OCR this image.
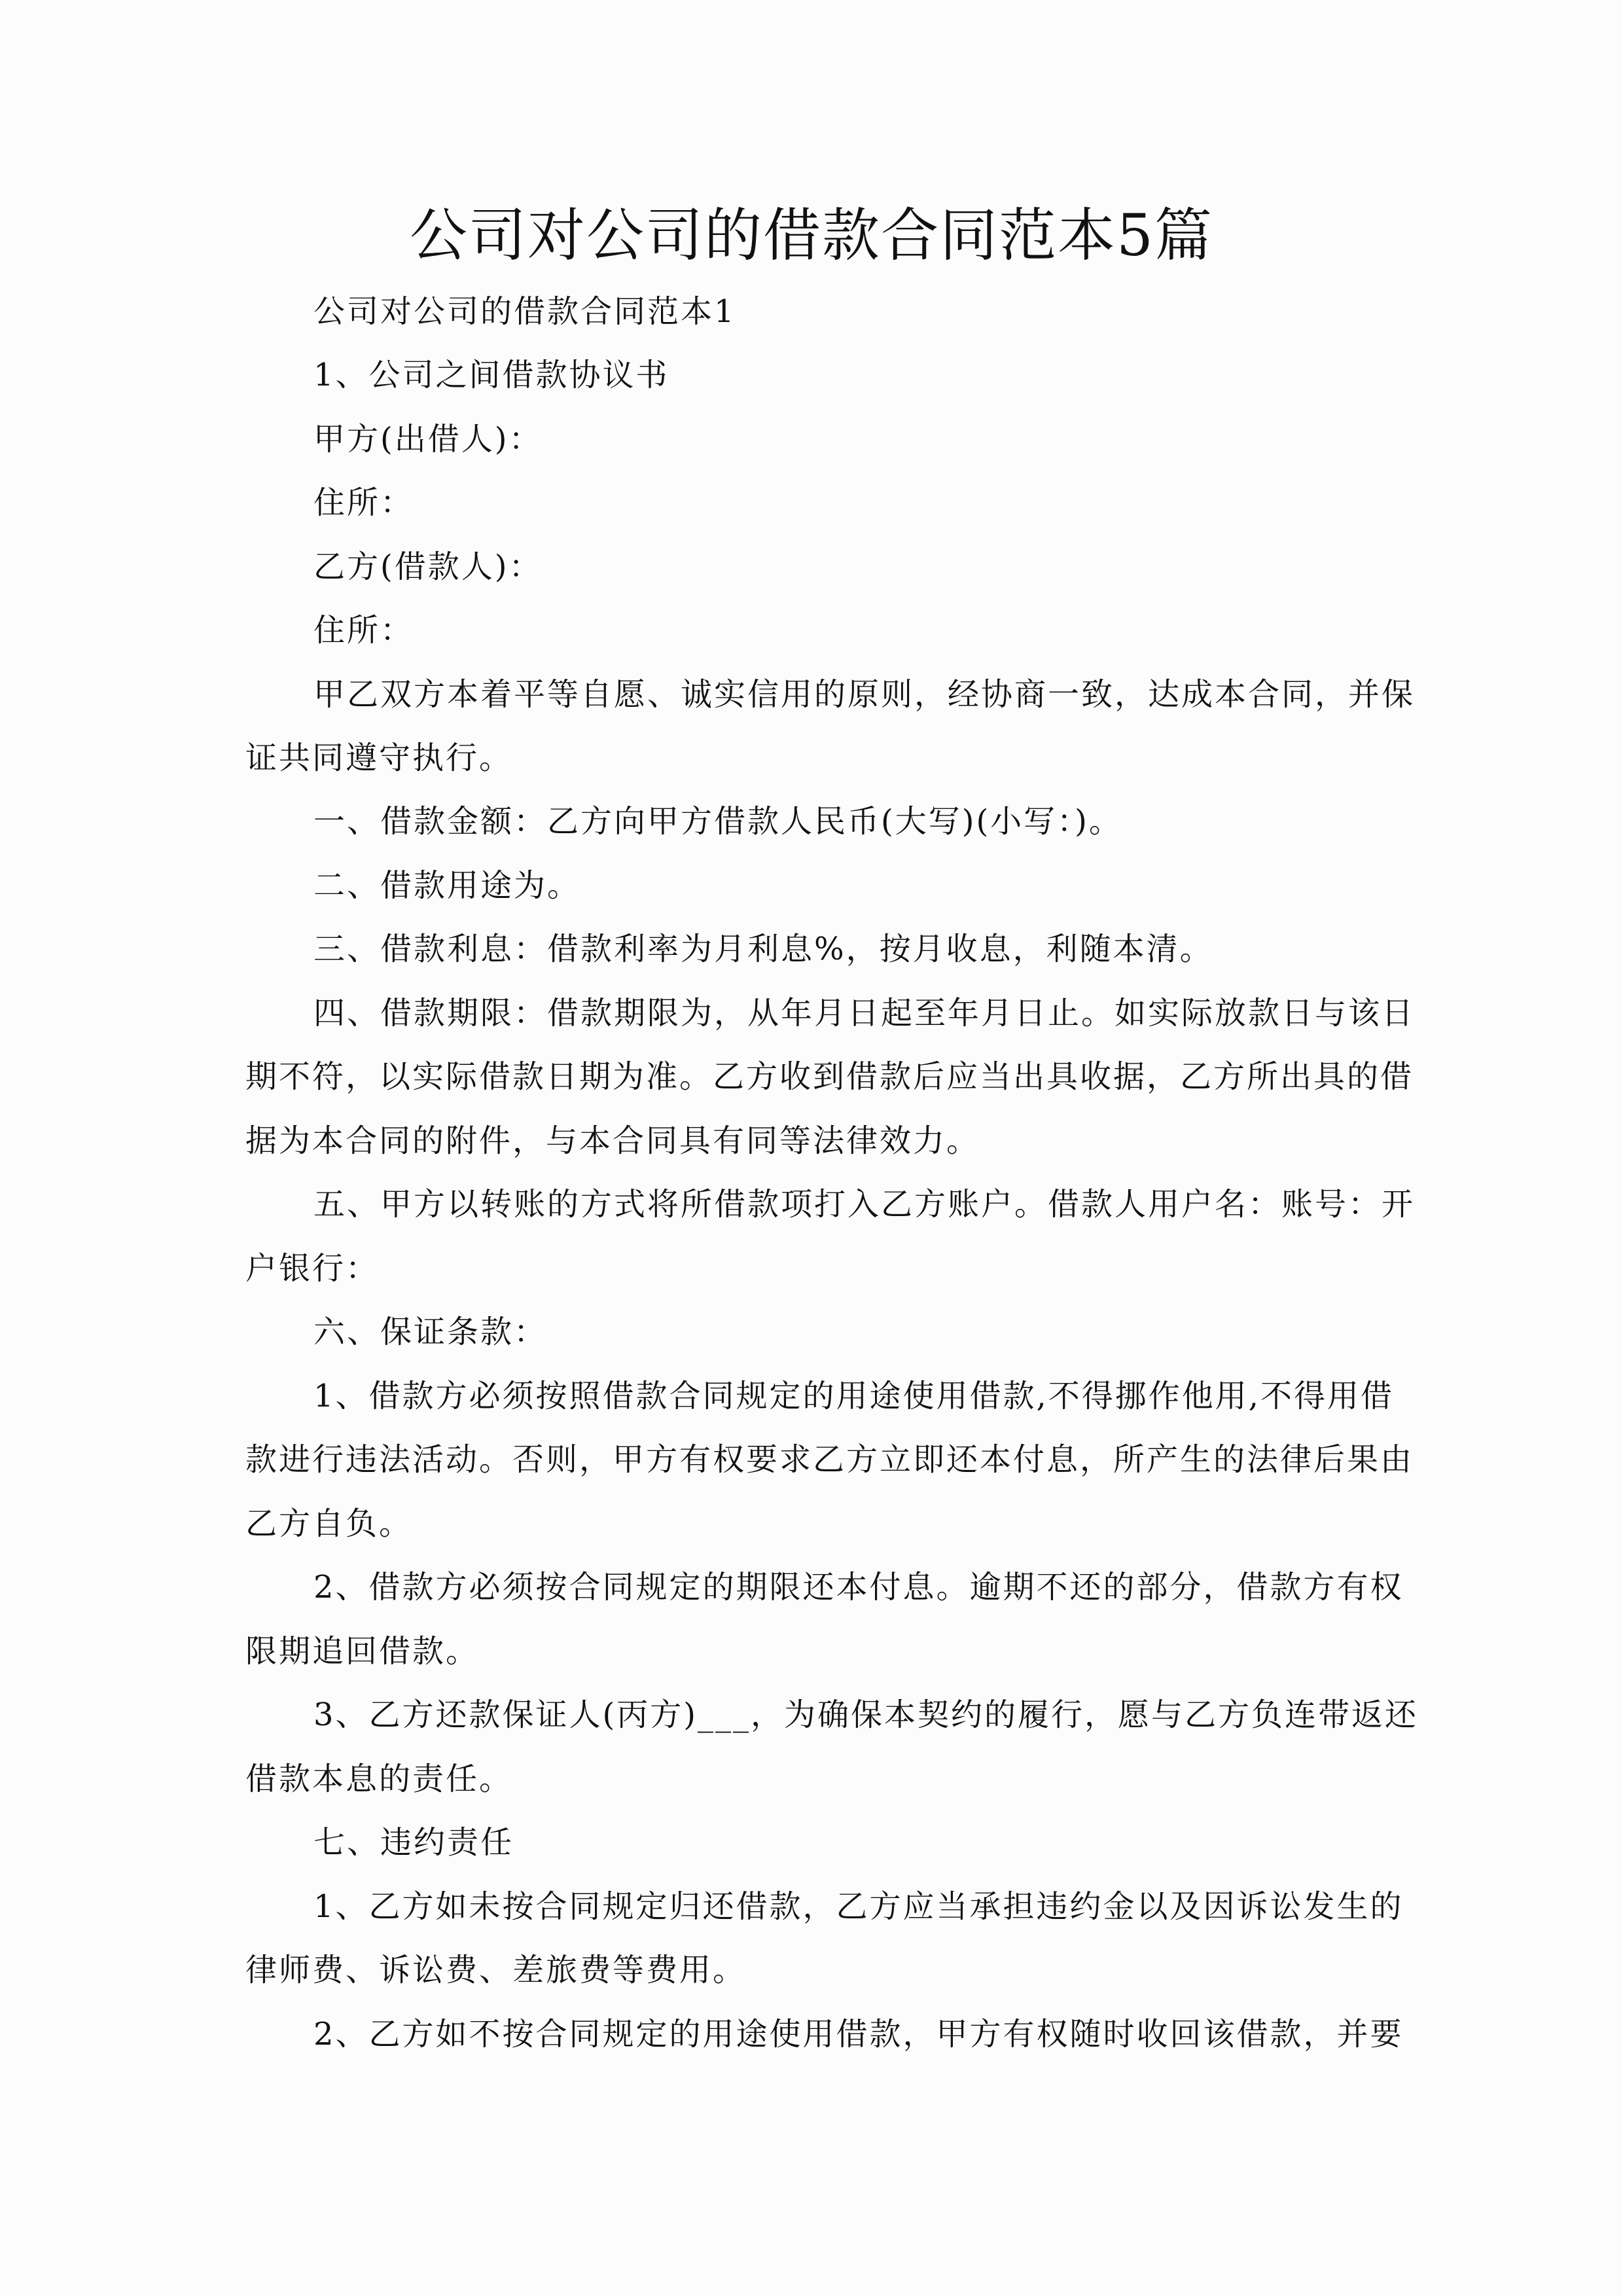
公司对公司的借款合同范本5篇
公司对公司的借款合同范本1
1、公司之间借款协议书
甲方(出借人)：
住所：
乙方(借款人)：
住所：
甲乙双方本着平等自愿、诚实信用的原则，经协商一致，达成本合同，并保
证共同遵守执行。
一、借款金额：乙方向甲方借款人民币(大写)(小写：)。
二、借款用途为。
三、借款利息：借款利率为月利息%，按月收息，利随本清。
四、借款期限：借款期限为，从年月日起至年月日止。如实际放款日与该日
期不符，以实际借款日期为准。乙方收到借款后应当出具收据，乙方所出具的借
据为本合同的附件，与本合同具有同等法律效力。
五、甲方以转账的方式将所借款项打入乙方账户。借款人用户名：账号：开
户银行：
六、保证条款：
1、借款方必须按照借款合同规定的用途使用借款,不得挪作他用,不得用借
款进行违法活动。否则，甲方有权要求乙方立即还本付息，所产生的法律后果由
乙方自负。
2、借款方必须按合同规定的期限还本付息。逾期不还的部分，借款方有权
限期追回借款。
3、乙方还款保证人(丙方)___，为确保本契约的履行，愿与乙方负连带返还
借款本息的责任。
七、违约责任
1、乙方如未按合同规定归还借款，乙方应当承担违约金以及因诉讼发生的
律师费、诉讼费、差旅费等费用。
2、乙方如不按合同规定的用途使用借款，甲方有权随时收回该借款，并要
